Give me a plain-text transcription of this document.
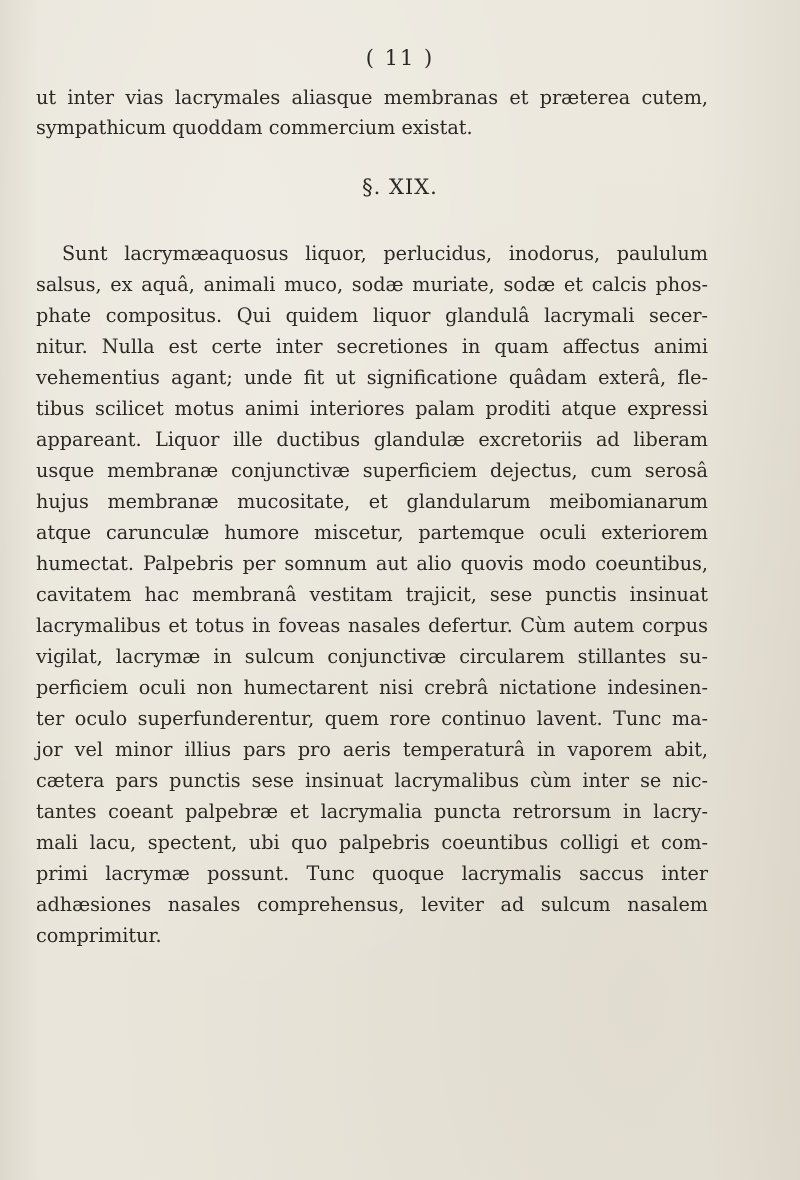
( 11 )

ut inter vias lacrymales aliasque membranas et præterea cutem,

sympathicum quoddam commercium existat.

§. XIX.

Sunt lacrymæaquosus liquor, perlucidus, inodorus, paululum

salsus, ex aquâ, animali muco, sodæ muriate, sodæ et calcis phos-

phate compositus. Qui quidem liquor glandulâ lacrymali secer-

nitur. Nulla est certe inter secretiones in quam affectus animi

vehementius agant; unde fit ut significatione quâdam exterâ, fle-

tibus scilicet motus animi interiores palam proditi atque expressi

appareant. Liquor ille ductibus glandulæ excretoriis ad liberam

usque membranæ conjunctivæ superficiem dejectus, cum serosâ

hujus membranæ mucositate, et glandularum meibomianarum

atque carunculæ humore miscetur, partemque oculi exteriorem

humectat. Palpebris per somnum aut alio quovis modo coeuntibus,

cavitatem hac membranâ vestitam trajicit, sese punctis insinuat

lacrymalibus et totus in foveas nasales defertur. Cùm autem corpus

vigilat, lacrymæ in sulcum conjunctivæ circularem stillantes su-

perficiem oculi non humectarent nisi crebrâ nictatione indesinen-

ter oculo superfunderentur, quem rore continuo lavent. Tunc ma-

jor vel minor illius pars pro aeris temperaturâ in vaporem abit,

cætera pars punctis sese insinuat lacrymalibus cùm inter se nic-

tantes coeant palpebræ et lacrymalia puncta retrorsum in lacry-

mali lacu, spectent, ubi quo palpebris coeuntibus colligi et com-

primi lacrymæ possunt. Tunc quoque lacrymalis saccus inter

adhæsiones nasales comprehensus, leviter ad sulcum nasalem

comprimitur.
